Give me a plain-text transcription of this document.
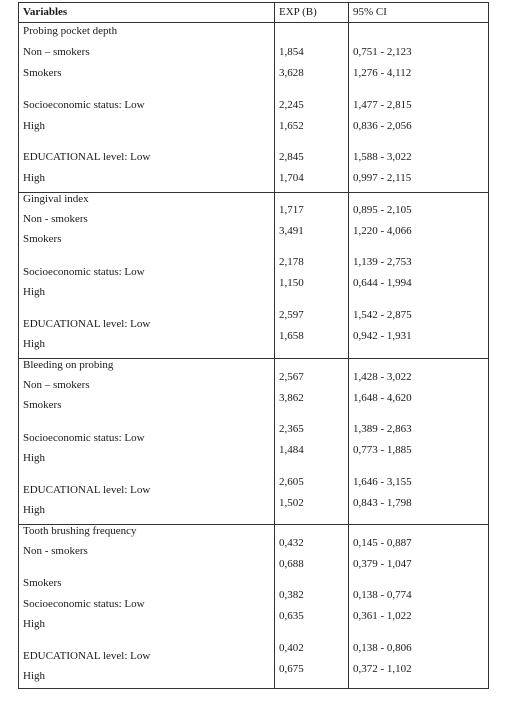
Variables	EXP (B)	95% CI
Probing pocket depth
Non – smokers
Smokers
Socioeconomic status: Low
High
EDUCATIONAL level: Low
High
1,854
3,628
2,245
1,652
2,845
1,704
0,751 - 2,123
1,276 - 4,112
1,477 - 2,815
0,836 - 2,056
1,588 - 3,022
0,997 - 2,115
Gingival index
Non - smokers
Smokers
Socioeconomic status: Low
High
EDUCATIONAL level: Low
High
1,717
3,491
2,178
1,150
2,597
1,658
0,895 - 2,105
1,220 - 4,066
1,139 - 2,753
0,644 - 1,994
1,542 - 2,875
0,942 - 1,931
Bleeding on probing
Non – smokers
Smokers
Socioeconomic status: Low
High
EDUCATIONAL level: Low
High
2,567
3,862
2,365
1,484
2,605
1,502
1,428 - 3,022
1,648 - 4,620
1,389 - 2,863
0,773 - 1,885
1,646 - 3,155
0,843 - 1,798
Tooth brushing frequency
Non - smokers
Smokers
Socioeconomic status: Low
High
EDUCATIONAL level: Low
High
0,432
0,688
0,382
0,635
0,402
0,675
0,145 - 0,887
0,379 - 1,047
0,138 - 0,774
0,361 - 1,022
0,138 - 0,806
0,372 - 1,102
